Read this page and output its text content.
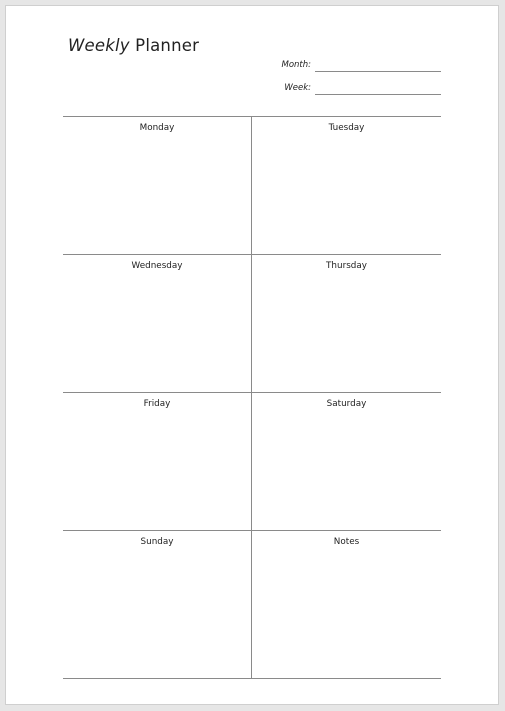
Weekly Planner
Month:
Week:
Monday	Tuesday
Wednesday	Thursday
Friday	Saturday
Sunday	Notes
